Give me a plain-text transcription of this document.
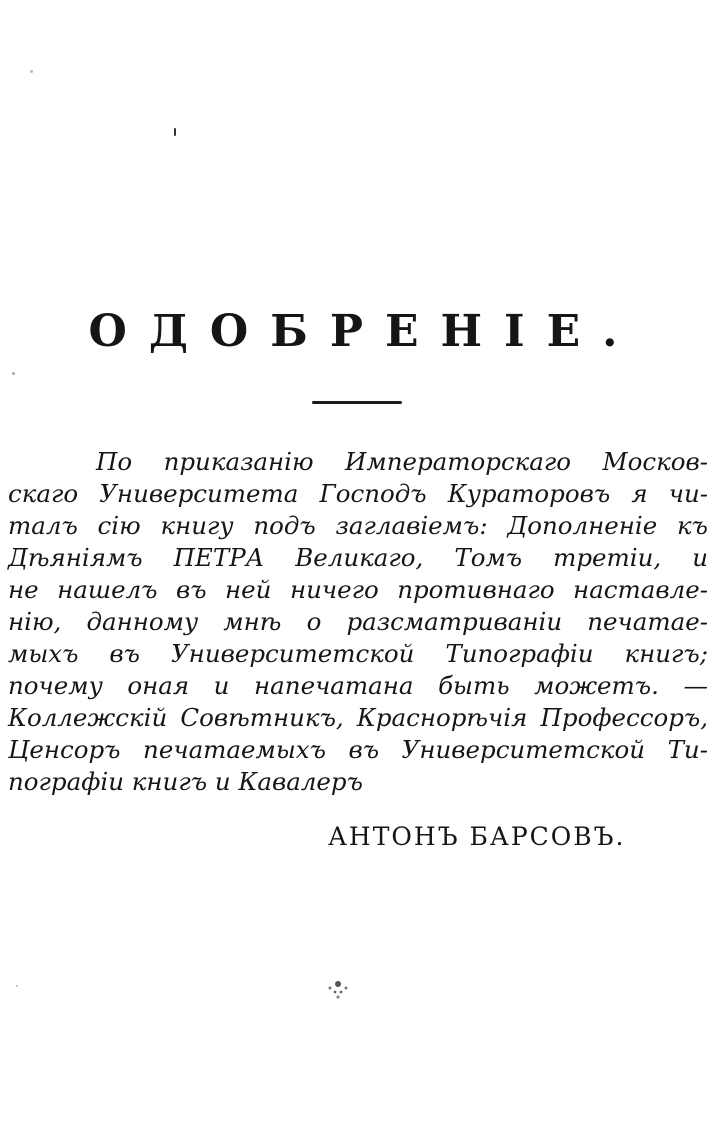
ОДОБРЕНІЕ.
По приказанію Императорскаго Москов-
скаго Университета Господъ Кураторовъ я чи-
талъ сію книгу подъ заглавіемъ: Дополненіе къ
Дѣяніямъ ПЕТРА Великаго, Томъ третіи, и
не нашелъ въ ней ничего противнаго наставле-
нію, данному мнѣ о разсматриваніи печатае-
мыхъ въ Университетской Типографіи книгъ;
почему оная и напечатана быть можетъ. —
Коллежскій Совѣтникъ, Краснорѣчія Профессоръ,
Ценсоръ печатаемыхъ въ Университетской Ти-
пографіи книгъ и Кавалеръ
АНТОНЪ БАРСОВЪ.
